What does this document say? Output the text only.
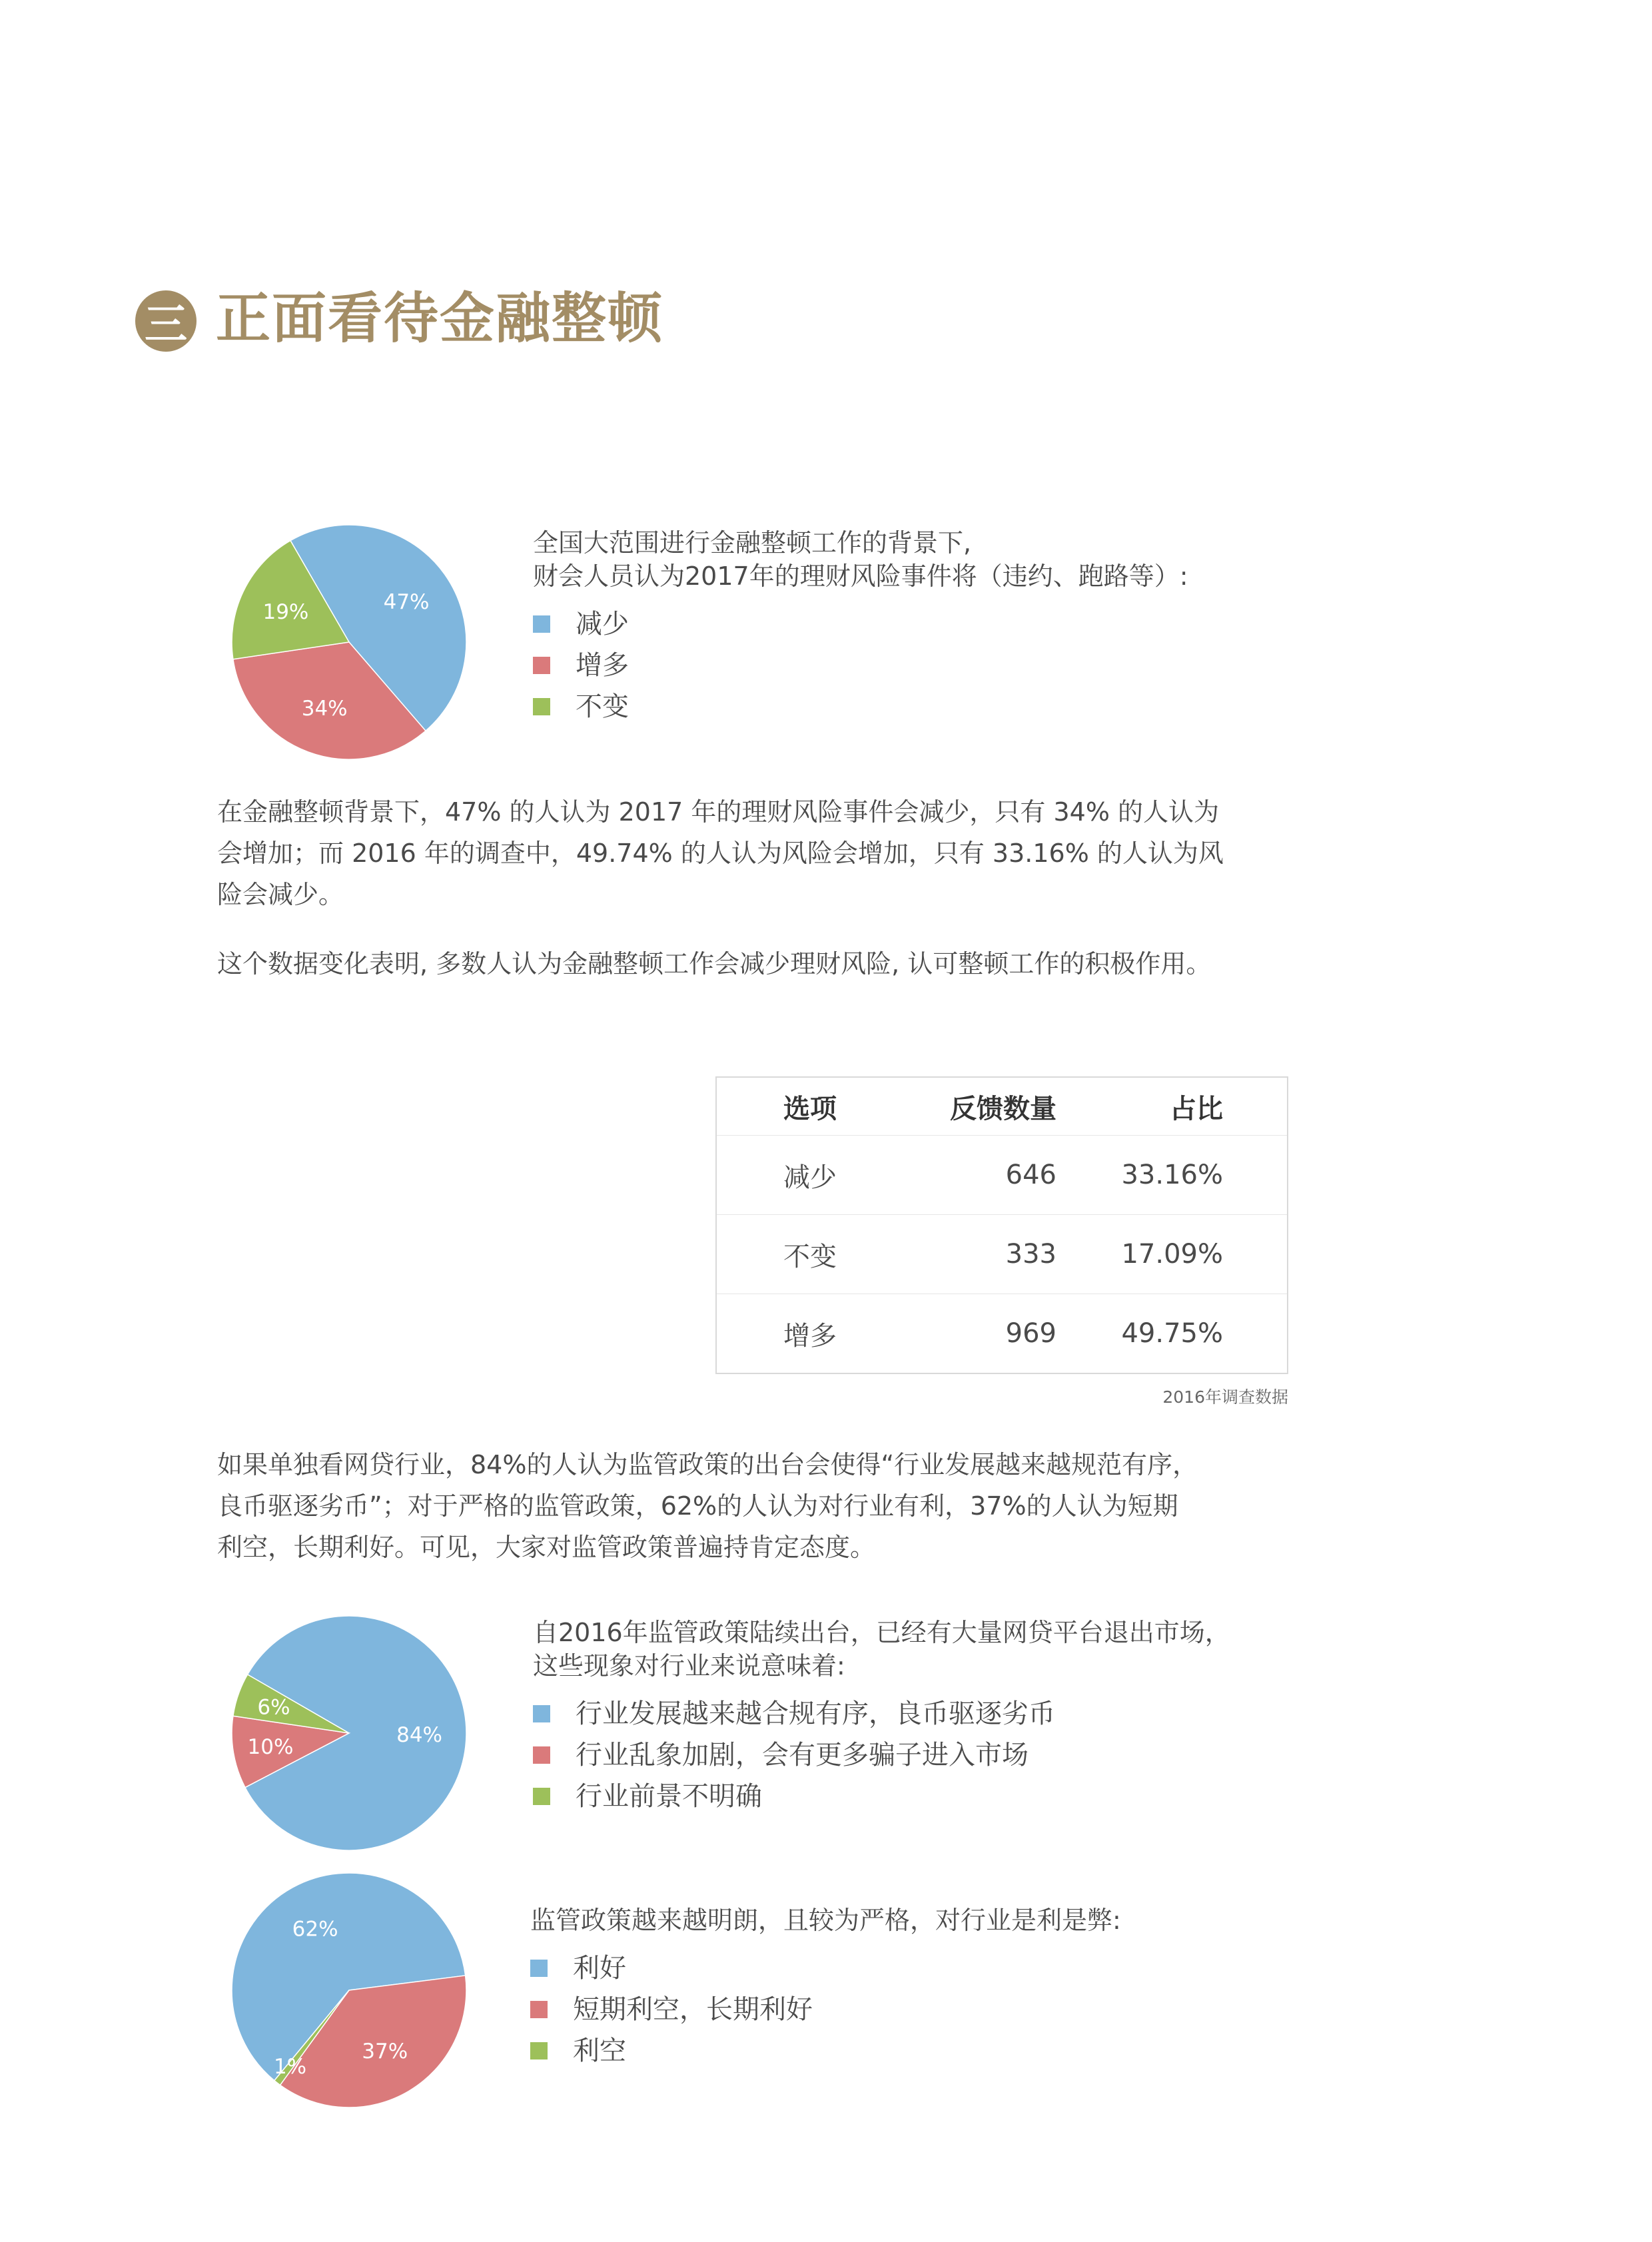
三 正面看待金融整顿
47%
34%
19%
全国大范围进行金融整顿工作的背景下,
财会人员认为2017年的理财风险事件将（违约、跑路等）:
减少
增多
不变
在金融整顿背景下，47% 的人认为 2017 年的理财风险事件会减少，只有 34% 的人认为
会增加；而 2016 年的调查中，49.74% 的人认为风险会增加，只有 33.16% 的人认为风
险会减少。
这个数据变化表明, 多数人认为金融整顿工作会减少理财风险, 认可整顿工作的积极作用。
选项	反馈数量	占比
减少	646	33.16%
不变	333	17.09%
增多	969	49.75%
2016年调查数据
如果单独看网贷行业，84%的人认为监管政策的出台会使得“行业发展越来越规范有序，
良币驱逐劣币”；对于严格的监管政策，62%的人认为对行业有利，37%的人认为短期
利空，长期利好。可见，大家对监管政策普遍持肯定态度。
84%
10%
6%
自2016年监管政策陆续出台，已经有大量网贷平台退出市场，
这些现象对行业来说意味着:
行业发展越来越合规有序，良币驱逐劣币
行业乱象加剧，会有更多骗子进入市场
行业前景不明确
62%
37%
1%
监管政策越来越明朗，且较为严格，对行业是利是弊:
利好
短期利空，长期利好
利空
